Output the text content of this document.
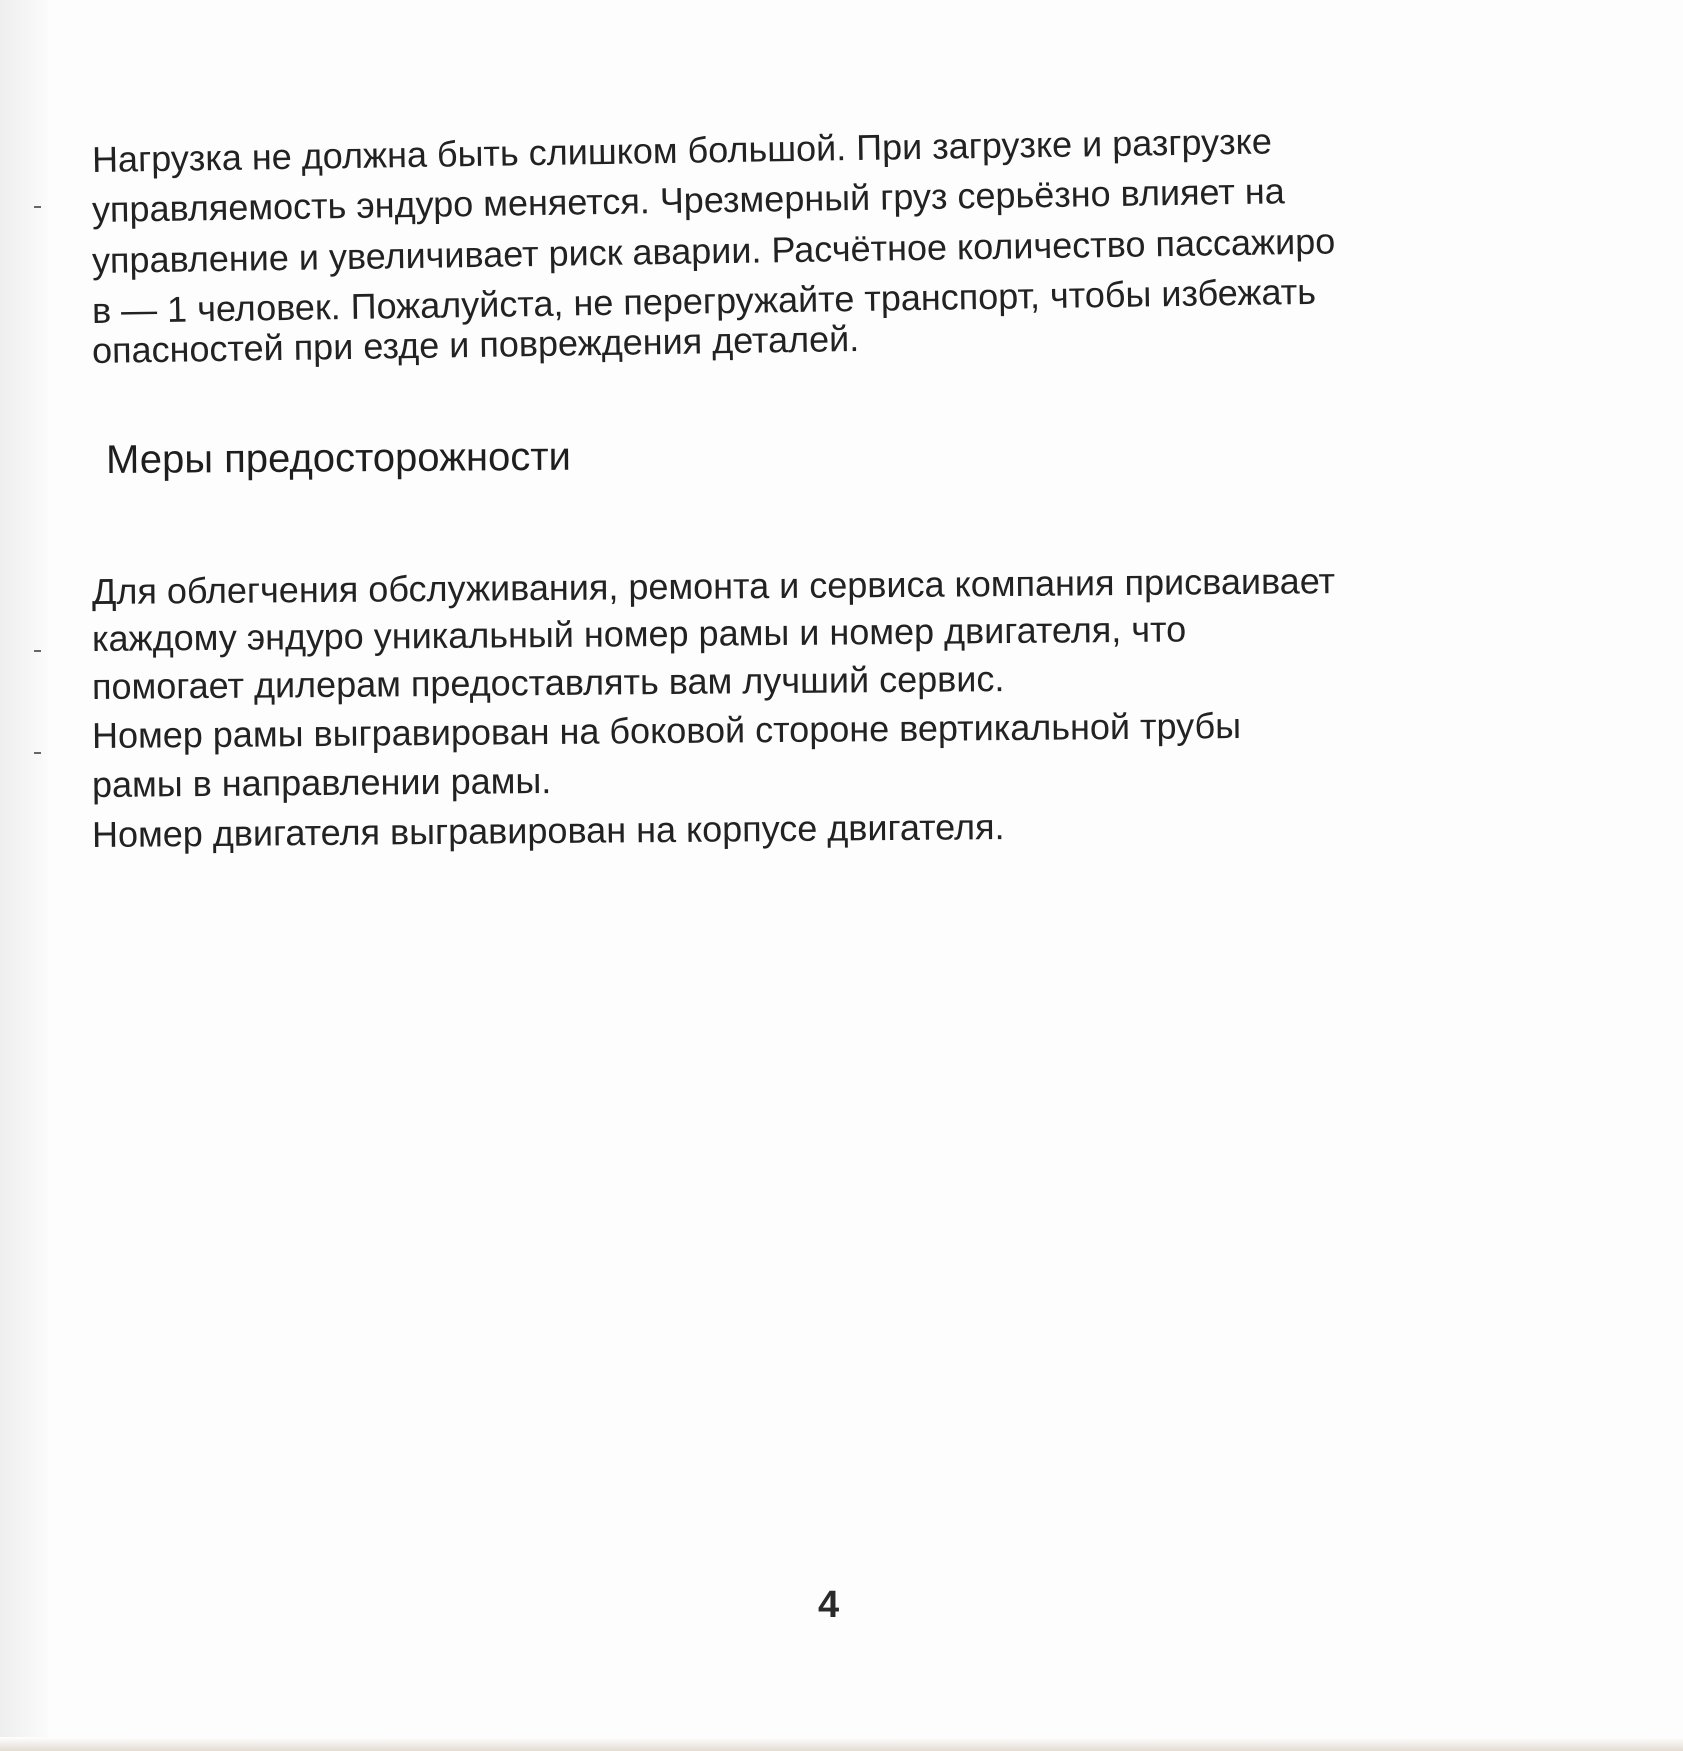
Нагрузка не должна быть слишком большой. При загрузке и разгрузке

управляемость эндуро меняется. Чрезмерный груз серьёзно влияет на

управление и увеличивает риск аварии. Расчётное количество пассажиро

в — 1 человек. Пожалуйста, не перегружайте транспорт, чтобы избежать

опасностей при езде и повреждения деталей.

Меры предосторожности

Для облегчения обслуживания, ремонта и сервиса компания присваивает

каждому эндуро уникальный номер рамы и номер двигателя, что

помогает дилерам предоставлять вам лучший сервис.

Номер рамы выгравирован на боковой стороне вертикальной трубы

рамы в направлении рамы.

Номер двигателя выгравирован на корпусе двигателя.

4
